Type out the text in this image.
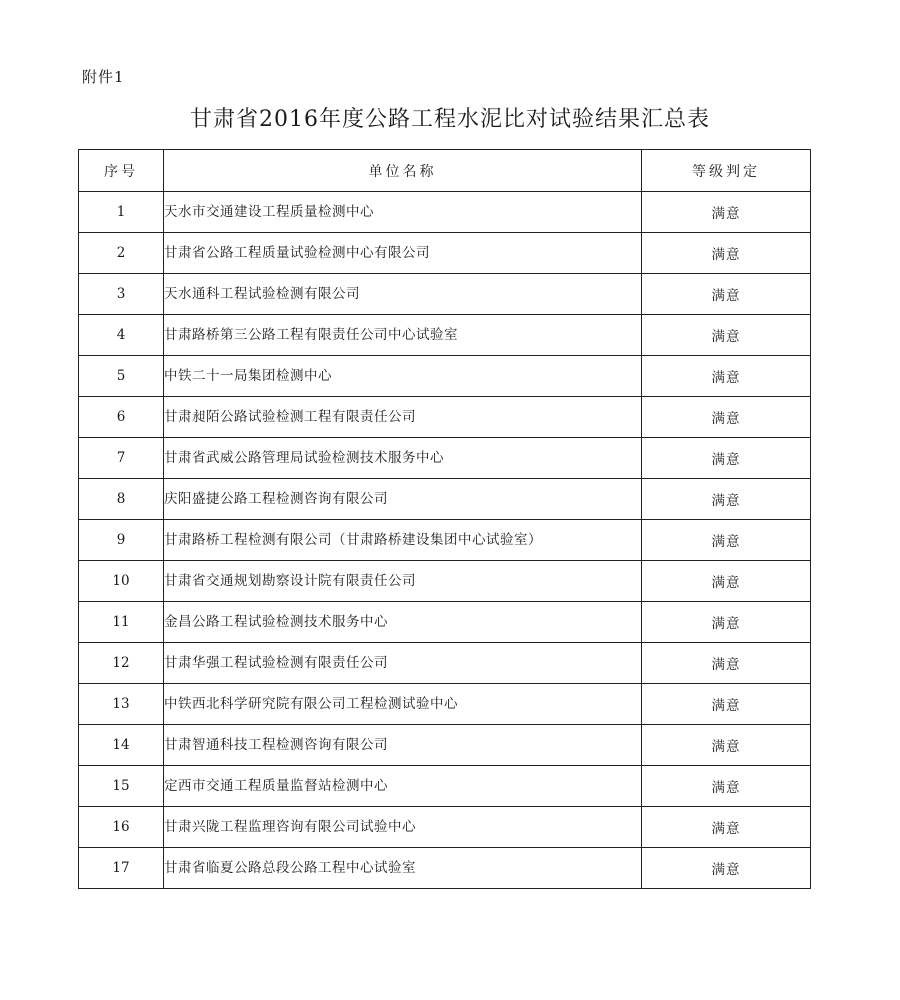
附件1
甘肃省2016年度公路工程水泥比对试验结果汇总表
序号	单位名称	等级判定
1	天水市交通建设工程质量检测中心	满意
2	甘肃省公路工程质量试验检测中心有限公司	满意
3	天水通科工程试验检测有限公司	满意
4	甘肃路桥第三公路工程有限责任公司中心试验室	满意
5	中铁二十一局集团检测中心	满意
6	甘肃昶陌公路试验检测工程有限责任公司	满意
7	甘肃省武威公路管理局试验检测技术服务中心	满意
8	庆阳盛捷公路工程检测咨询有限公司	满意
9	甘肃路桥工程检测有限公司（甘肃路桥建设集团中心试验室）	满意
10	甘肃省交通规划勘察设计院有限责任公司	满意
11	金昌公路工程试验检测技术服务中心	满意
12	甘肃华强工程试验检测有限责任公司	满意
13	中铁西北科学研究院有限公司工程检测试验中心	满意
14	甘肃智通科技工程检测咨询有限公司	满意
15	定西市交通工程质量监督站检测中心	满意
16	甘肃兴陇工程监理咨询有限公司试验中心	满意
17	甘肃省临夏公路总段公路工程中心试验室	满意
